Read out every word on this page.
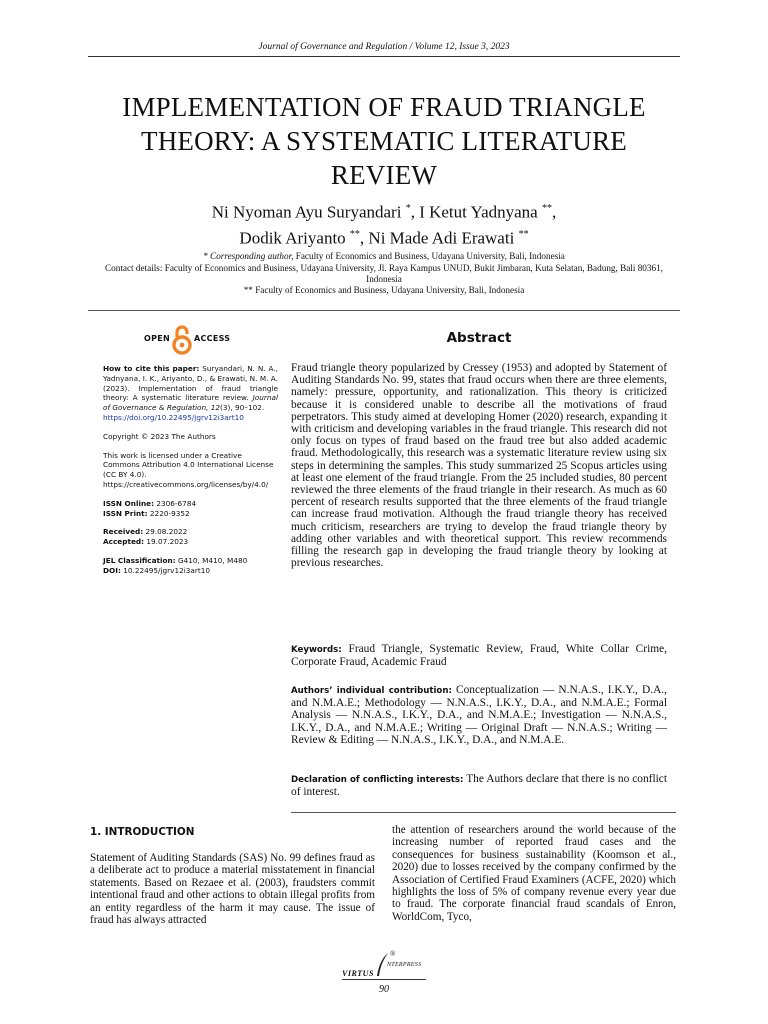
Journal of Governance and Regulation / Volume 12, Issue 3, 2023
IMPLEMENTATION OF FRAUD TRIANGLE THEORY: A SYSTEMATIC LITERATURE REVIEW
Ni Nyoman Ayu Suryandari *, I Ketut Yadnyana **,
Dodik Ariyanto **, Ni Made Adi Erawati **
* Corresponding author, Faculty of Economics and Business, Udayana University, Bali, Indonesia
Contact details: Faculty of Economics and Business, Udayana University, Jl. Raya Kampus UNUD, Bukit Jimbaran, Kuta Selatan, Badung, Bali 80361, Indonesia
** Faculty of Economics and Business, Udayana University, Bali, Indonesia
OPEN	ACCESS

How to cite this paper: Suryandari, N. N. A., Yadnyana, I. K., Ariyanto, D., & Erawati, N. M. A. (2023). Implementation of fraud triangle theory: A systematic literature review. Journal of Governance & Regulation, 12(3), 90–102.
https://doi.org/10.22495/jgrv12i3art10

Copyright © 2023 The Authors

This work is licensed under a Creative Commons Attribution 4.0 International License (CC BY 4.0).
https://creativecommons.org/licenses/by/4.0/

ISSN Online: 2306-6784
ISSN Print: 2220-9352

Received: 29.08.2022
Accepted: 19.07.2023

JEL Classification: G410, M410, M480
DOI: 10.22495/jgrv12i3art10

Abstract
Fraud triangle theory popularized by Cressey (1953) and adopted by Statement of Auditing Standards No. 99, states that fraud occurs when there are three elements, namely: pressure, opportunity, and rationalization. This theory is criticized because it is considered unable to describe all the motivations of fraud perpetrators. This study aimed at developing Homer (2020) research, expanding it with criticism and developing variables in the fraud triangle. This research did not only focus on types of fraud based on the fraud tree but also added academic fraud. Methodologically, this research was a systematic literature review using six steps in determining the samples. This study summarized 25 Scopus articles using at least one element of the fraud triangle. From the 25 included studies, 80 percent reviewed the three elements of the fraud triangle in their research. As much as 60 percent of research results supported that the three elements of the fraud triangle can increase fraud motivation. Although the fraud triangle theory has received much criticism, researchers are trying to develop the fraud triangle theory by adding other variables and with theoretical support. This review recommends filling the research gap in developing the fraud triangle theory by looking at previous researches.
Keywords: Fraud Triangle, Systematic Review, Fraud, White Collar Crime, Corporate Fraud, Academic Fraud
Authors’ individual contribution: Conceptualization — N.N.A.S., I.K.Y., D.A., and N.M.A.E.; Methodology — N.N.A.S., I.K.Y., D.A., and N.M.A.E.; Formal Analysis — N.N.A.S., I.K.Y., D.A., and N.M.A.E.; Investigation — N.N.A.S., I.K.Y., D.A., and N.M.A.E.; Writing — Original Draft — N.N.A.S.; Writing — Review & Editing — N.N.A.S., I.K.Y., D.A., and N.M.A.E.
Declaration of conflicting interests: The Authors declare that there is no conflict of interest.
1. INTRODUCTION
Statement of Auditing Standards (SAS) No. 99 defines fraud as a deliberate act to produce a material misstatement in financial statements. Based on Rezaee et al. (2003), fraudsters commit intentional fraud and other actions to obtain illegal profits from an entity regardless of the harm it may cause. The issue of fraud has always attracted
the attention of researchers around the world because of the increasing number of reported fraud cases and the consequences for business sustainability (Koomson et al., 2020) due to losses received by the company confirmed by the Association of Certified Fraud Examiners (ACFE, 2020) which highlights the loss of 5% of company revenue every year due to fraud. The corporate financial fraud scandals of Enron, WorldCom, Tyco,
®
VIRTUS
NTERPRESS
90
